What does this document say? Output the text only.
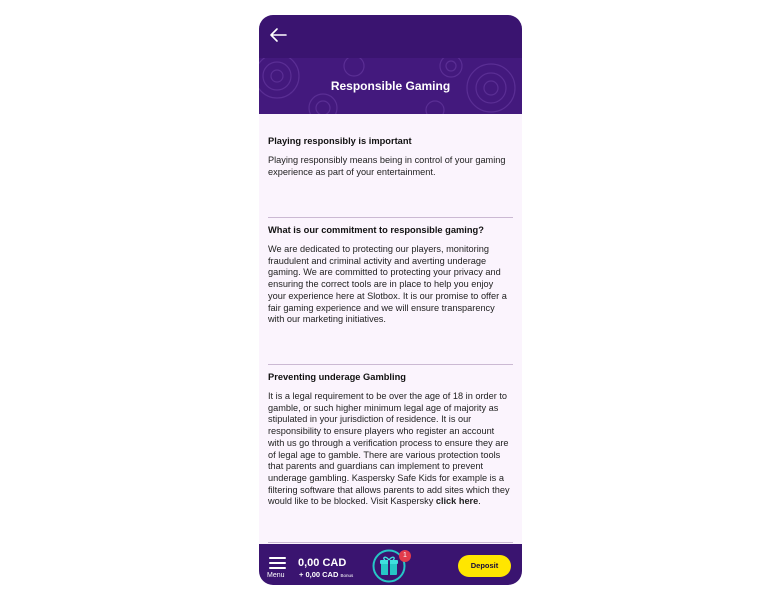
Responsible Gaming
Playing responsibly is important
Playing responsibly means being in control of your gaming experience as part of your entertainment.
What is our commitment to responsible gaming?
We are dedicated to protecting our players, monitoring fraudulent and criminal activity and averting underage gaming. We are committed to protecting your privacy and ensuring the correct tools are in place to help you enjoy your experience here at Slotbox. It is our promise to offer a fair gaming experience and we will ensure transparency with our marketing initiatives.
Preventing underage Gambling
It is a legal requirement to be over the age of 18 in order to gamble, or such higher minimum legal age of majority as stipulated in your jurisdiction of residence. It is our responsibility to ensure players who register an account with us go through a verification process to ensure they are of legal age to gamble. There are various protection tools that parents and guardians can implement to prevent underage gambling. Kaspersky Safe Kids for example is a filtering software that allows parents to add sites which they would like to be blocked. Visit Kaspersky click here.
Menu
0,00 CAD
+ 0,00 CAD Bonus
1
Deposit
